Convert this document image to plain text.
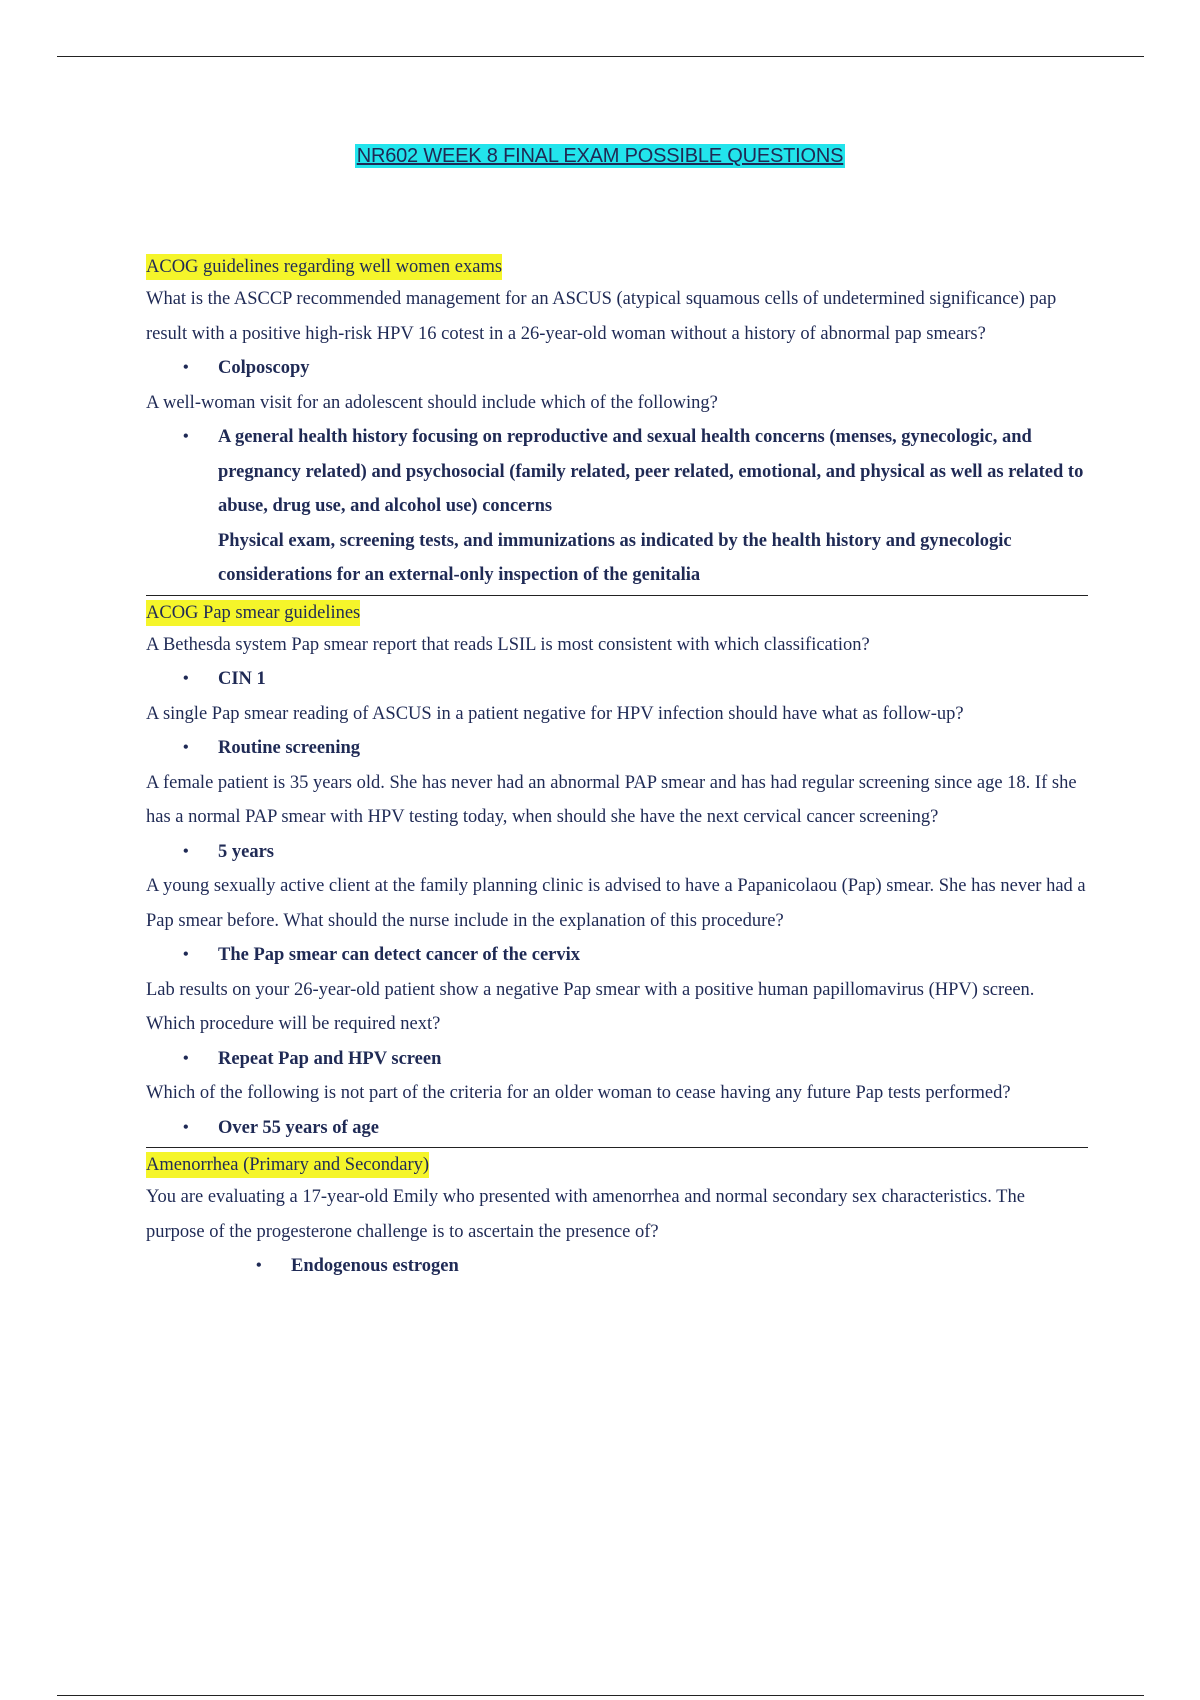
NR602 WEEK 8 FINAL EXAM POSSIBLE QUESTIONS
ACOG guidelines regarding well women exams

What is the ASCCP recommended management for an ASCUS (atypical squamous cells of undetermined significance) pap result with a positive high-risk HPV 16 cotest in a 26-year-old woman without a history of abnormal pap smears?

• Colposcopy

A well-woman visit for an adolescent should include which of the following?

• A general health history focusing on reproductive and sexual health concerns (menses, gynecologic, and pregnancy related) and psychosocial (family related, peer related, emotional, and physical as well as related to abuse, drug use, and alcohol use) concerns

Physical exam, screening tests, and immunizations as indicated by the health history and gynecologic considerations for an external-only inspection of the genitalia

ACOG Pap smear guidelines

A Bethesda system Pap smear report that reads LSIL is most consistent with which classification?

• CIN 1

A single Pap smear reading of ASCUS in a patient negative for HPV infection should have what as follow-up?

• Routine screening

A female patient is 35 years old. She has never had an abnormal PAP smear and has had regular screening since age 18. If she has a normal PAP smear with HPV testing today, when should she have the next cervical cancer screening?

• 5 years

A young sexually active client at the family planning clinic is advised to have a Papanicolaou (Pap) smear. She has never had a Pap smear before. What should the nurse include in the explanation of this procedure?

• The Pap smear can detect cancer of the cervix

Lab results on your 26-year-old patient show a negative Pap smear with a positive human papillomavirus (HPV) screen. Which procedure will be required next?

• Repeat Pap and HPV screen

Which of the following is not part of the criteria for an older woman to cease having any future Pap tests performed?

• Over 55 years of age
Amenorrhea (Primary and Secondary)

You are evaluating a 17-year-old Emily who presented with amenorrhea and normal secondary sex characteristics. The purpose of the progesterone challenge is to ascertain the presence of?

• Endogenous estrogen
